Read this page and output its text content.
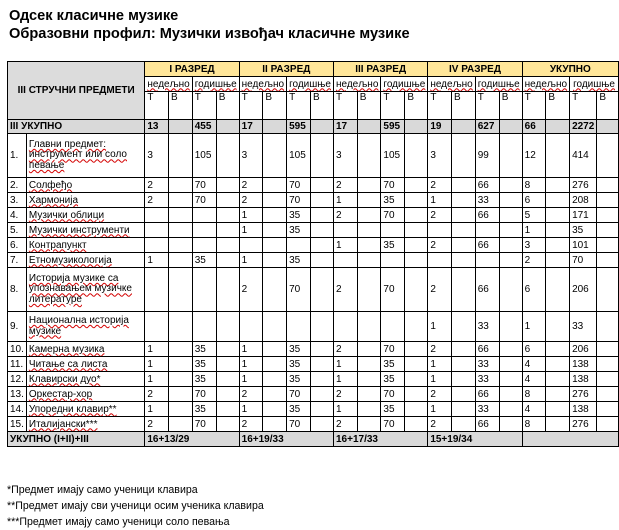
Одсек класичне музике
Образовни профил: Музички извођач класичне музике
III СТРУЧНИ ПРЕДМЕТИ		I РАЗРЕД				II РАЗРЕД				III РАЗРЕД				IV РАЗРЕД				УКУПНО			
		недељно		годишње		недељно		годишње		недељно		годишње		недељно		годишње		недељно		годишње	
		Т	В	Т	В	Т	В	Т	В	Т	В	Т	В	Т	В	Т	В	Т	В	Т	В
III УКУПНО		13		455		17		595		17		595		19		627		66		2272	
1.	Главни предмет: инструмент или соло певање	3		105		3		105		3		105		3		99		12		414	
2.	Солфеђо	2		70		2		70		2		70		2		66		8		276	
3.	Хармонија	2		70		2		70		1		35		1		33		6		208	
4.	Музички облици					1		35		2		70		2		66		5		171	
5.	Музички инструменти					1		35										1		35	
6.	Контрапункт									1		35		2		66		3		101	
7.	Етномузикологија	1		35		1		35										2		70	
8.	Историја музике са упознавањем музичке литературе					2		70		2		70		2		66		6		206	
9.	Национална историја музике													1		33		1		33	
10.	Камерна музика	1		35		1		35		2		70		2		66		6		206	
11.	Читање са листа	1		35		1		35		1		35		1		33		4		138	
12.	Клавирски дуо*	1		35		1		35		1		35		1		33		4		138	
13.	Оркестар-хор	2		70		2		70		2		70		2		66		8		276	
14.	Упоредни клавир**	1		35		1		35		1		35		1		33		4		138	
15.	Италијански***	2		70		2		70		2		70		2		66		8		276	
УКУПНО (I+II)+III		16+13/29				16+19/33				16+17/33				15+19/34							
*Предмет имају само ученици клавира
**Предмет имају сви ученици осим ученика клавира
***Предмет имају само ученици соло певања
